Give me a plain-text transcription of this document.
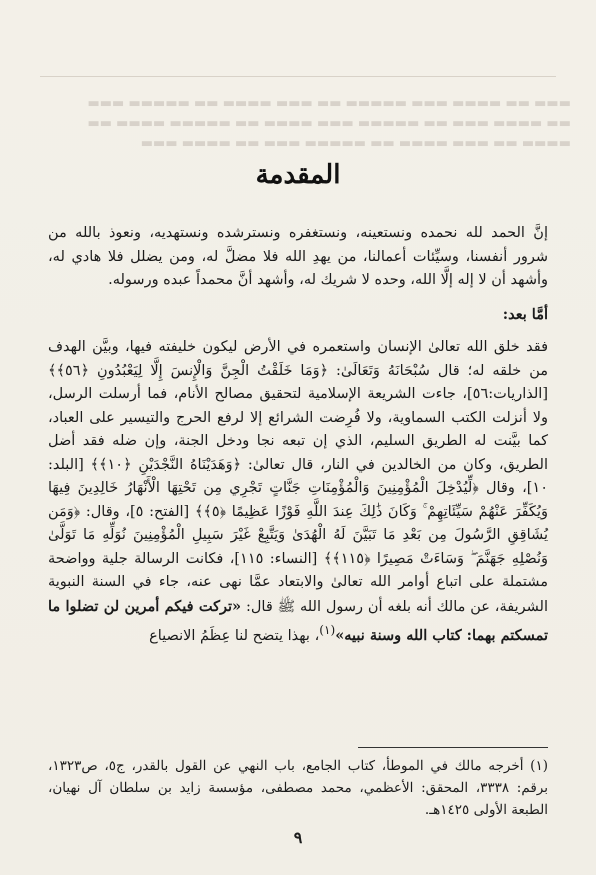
▬▬▬ ▬▬ ▬▬▬▬ ▬▬▬ ▬▬▬▬▬ ▬▬ ▬▬▬ ▬▬▬▬ ▬▬ ▬▬▬▬▬ ▬▬▬
▬▬ ▬▬▬▬ ▬▬▬ ▬▬ ▬▬▬▬▬ ▬▬▬ ▬▬▬▬ ▬▬ ▬▬▬▬▬ ▬▬▬▬ ▬▬
▬▬▬▬ ▬▬ ▬▬▬ ▬▬▬▬ ▬▬ ▬▬▬▬▬ ▬▬▬ ▬▬ ▬▬▬▬ ▬▬▬
المقدمة

إنَّ الحمد لله نحمده ونستعينه، ونستغفره ونسترشده ونستهديه، ونعوذ بالله من شرور أنفسنا، وسيِّئات أعمالنا، من يهدِ الله فلا مضلَّ له، ومن يضلل فلا هادي له، وأشهد أن لا إله إلَّا الله، وحده لا شريك له، وأشهد أنَّ محمداً عبده ورسوله.

أمَّا بعد:

فقد خلق الله تعالىٰ الإنسان واستعمره في الأرض ليكون خليفته فيها، وبيَّن الهدف من خلقه له؛ قال سُبْحَانَهُ وَتَعَالَىٰ: ﴿وَمَا خَلَقْتُ الْجِنَّ وَالْإِنسَ إِلَّا لِيَعْبُدُونِ ﴿٥٦﴾﴾ [الذاريات:٥٦]، جاءت الشريعة الإسلامية لتحقيق مصالح الأنام، فما أرسلت الرسل، ولا أنزلت الكتب السماوية، ولا فُرِضت الشرائع إلا لرفع الحرج والتيسير على العباد، كما بيَّنت له الطريق السليم، الذي إن تبعه نجا ودخل الجنة، وإن ضله فقد أضل الطريق، وكان من الخالدين في النار، قال تعالىٰ: ﴿وَهَدَيْنَاهُ النَّجْدَيْنِ ﴿١٠﴾﴾ [البلد: ١٠]، وقال ﴿لِّيُدْخِلَ الْمُؤْمِنِينَ وَالْمُؤْمِنَاتِ جَنَّاتٍ تَجْرِي مِن تَحْتِهَا الْأَنْهَارُ خَالِدِينَ فِيهَا وَيُكَفِّرَ عَنْهُمْ سَيِّئَاتِهِمْ ۚ وَكَانَ ذَٰلِكَ عِندَ اللَّهِ فَوْزًا عَظِيمًا ﴿٥﴾﴾ [الفتح: ٥]، وقال: ﴿وَمَن يُشَاقِقِ الرَّسُولَ مِن بَعْدِ مَا تَبَيَّنَ لَهُ الْهُدَىٰ وَيَتَّبِعْ غَيْرَ سَبِيلِ الْمُؤْمِنِينَ نُوَلِّهِ مَا تَوَلَّىٰ وَنُصْلِهِ جَهَنَّمَ ۖ وَسَاءَتْ مَصِيرًا ﴿١١٥﴾﴾ [النساء: ١١٥]، فكانت الرسالة جلية وواضحة مشتملة على اتباع أوامر الله تعالىٰ والابتعاد عمَّا نهى عنه، جاء في السنة النبوية الشريفة، عن مالك أنه بلغه أن رسول الله ﷺ قال: «تركت فيكم أمرين لن تضلوا ما تمسكتم بهما: كتاب الله وسنة نبيه»$^{(١)}$، بهذا يتضح لنا عِظَمُ الانصياع

(١) أخرجه مالك في الموطأ، كتاب الجامع، باب النهي عن القول بالقدر، ج٥، ص١٣٢٣، برقم: ٣٣٣٨، المحقق: الأعظمي، محمد مصطفى، مؤسسة زايد بن سلطان آل نهيان، الطبعة الأولى ١٤٢٥هـ.
٩
